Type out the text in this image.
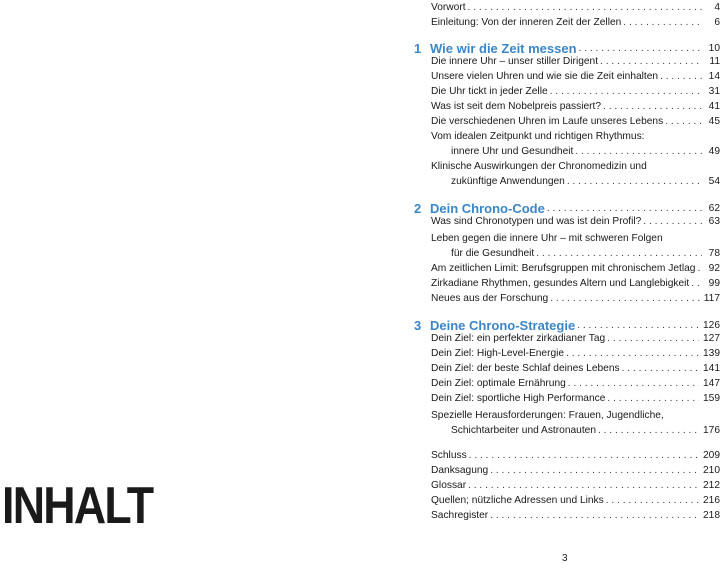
INHALT
Vorwort . . .	4
Einleitung: Von der inneren Zeit der Zellen . . .	6
1 Wie wir die Zeit messen . . .	10
Die innere Uhr – unser stiller Dirigent . . .	11
Unsere vielen Uhren und wie sie die Zeit einhalten . . .	14
Die Uhr tickt in jeder Zelle . . .	31
Was ist seit dem Nobelpreis passiert? . . .	41
Die verschiedenen Uhren im Laufe unseres Lebens . . .	45
Vom idealen Zeitpunkt und richtigen Rhythmus:
innere Uhr und Gesundheit . . .	49
Klinische Auswirkungen der Chronomedizin und
zukünftige Anwendungen . . .	54
2 Dein Chrono-Code . . .	62
Was sind Chronotypen und was ist dein Profil? . . .	63
Leben gegen die innere Uhr – mit schweren Folgen
für die Gesundheit . . .	78
Am zeitlichen Limit: Berufsgruppen mit chronischem Jetlag . . .	92
Zirkadiane Rhythmen, gesundes Altern und Langlebigkeit . . .	99
Neues aus der Forschung . . .	117
3 Deine Chrono-Strategie . . .	126
Dein Ziel: ein perfekter zirkadianer Tag . . .	127
Dein Ziel: High-Level-Energie . . .	139
Dein Ziel: der beste Schlaf deines Lebens . . .	141
Dein Ziel: optimale Ernährung . . .	147
Dein Ziel: sportliche High Performance . . .	159
Spezielle Herausforderungen: Frauen, Jugendliche,
Schichtarbeiter und Astronauten . . .	176
Schluss . . .	209
Danksagung . . .	210
Glossar . . .	212
Quellen; nützliche Adressen und Links . . .	216
Sachregister . . .	218
3
